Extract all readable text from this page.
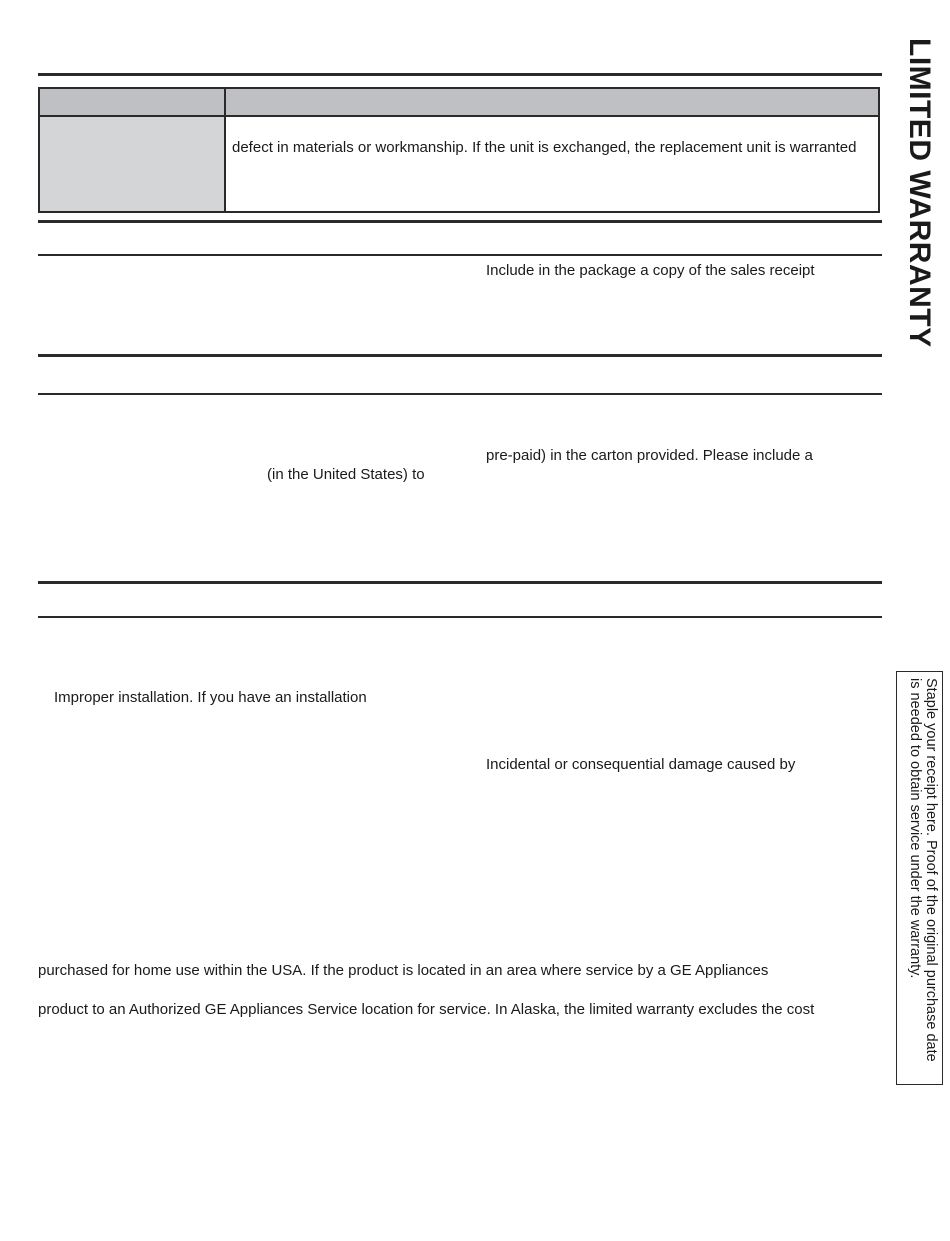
defect in materials or workmanship. If the unit is exchanged, the replacement unit is warranted
Include in the package a copy of the sales receipt
pre-paid) in the carton provided. Please include a
(in the United States) to
Improper installation. If you have an installation
Incidental or consequential damage caused by
purchased for home use within the USA. If the product is located in an area where service by a GE Appliances
product to an Authorized GE Appliances Service location for service. In Alaska, the limited warranty excludes the cost
LIMITED WARRANTY
Staple your receipt here. Proof of the original purchase date
is needed to obtain service under the warranty.
